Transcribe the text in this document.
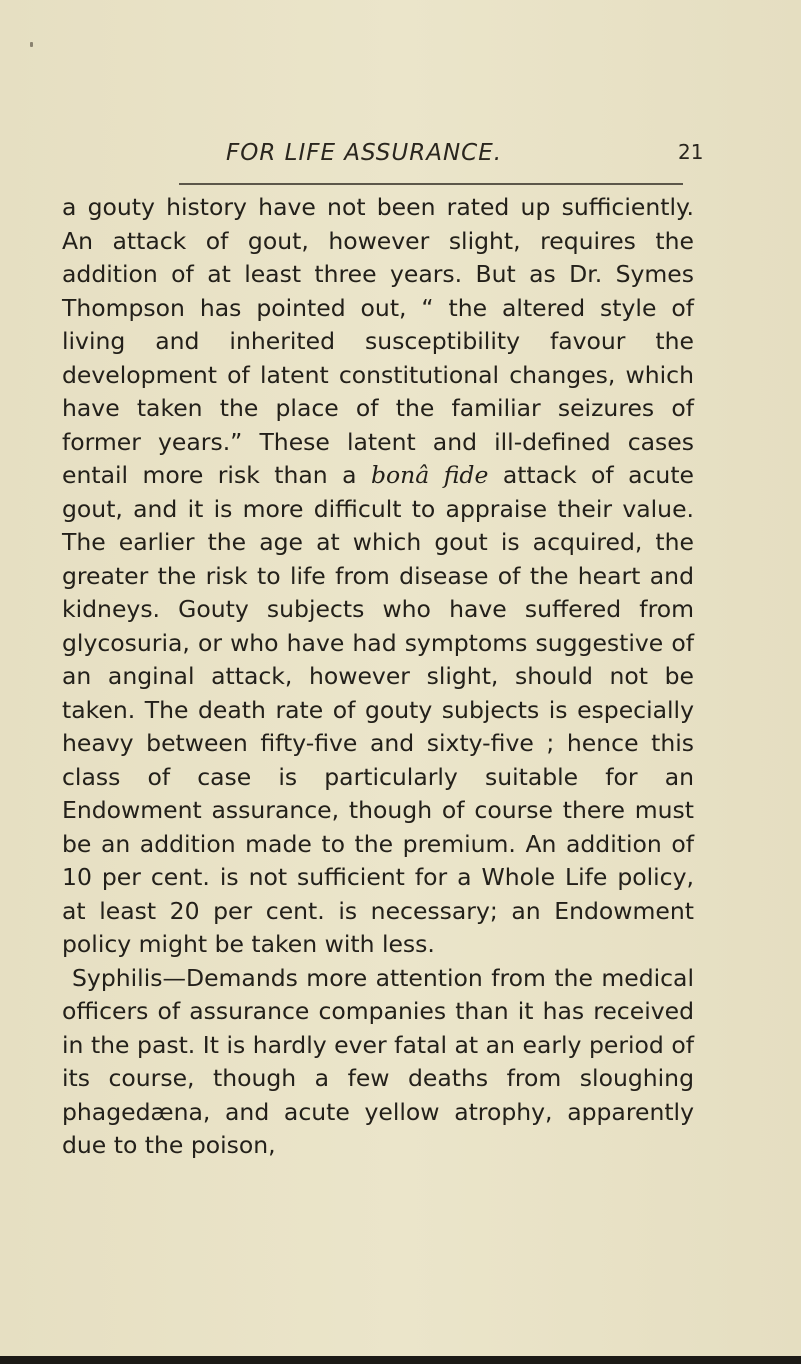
FOR LIFE ASSURANCE.	21

a gouty history have not been rated up sufficiently. An attack of gout, however slight, requires the addition of at least three years. But as Dr. Symes Thompson has pointed out, “ the altered style of living and inherited susceptibility favour the development of latent constitutional changes, which have taken the place of the familiar seizures of former years.” These latent and ill-defined cases entail more risk than a bonâ fide attack of acute gout, and it is more difficult to appraise their value. The earlier the age at which gout is acquired, the greater the risk to life from disease of the heart and kidneys. Gouty subjects who have suffered from glycosuria, or who have had symptoms suggestive of an anginal attack, however slight, should not be taken. The death rate of gouty subjects is especially heavy between fifty-five and sixty-five ; hence this class of case is particularly suitable for an Endowment assurance, though of course there must be an addition made to the premium. An addition of 10 per cent. is not sufficient for a Whole Life policy, at least 20 per cent. is necessary; an Endowment policy might be taken with less.

Syphilis—Demands more attention from the medical officers of assurance companies than it has received in the past. It is hardly ever fatal at an early period of its course, though a few deaths from sloughing phagedæna, and acute yellow atrophy, apparently due to the poison,
